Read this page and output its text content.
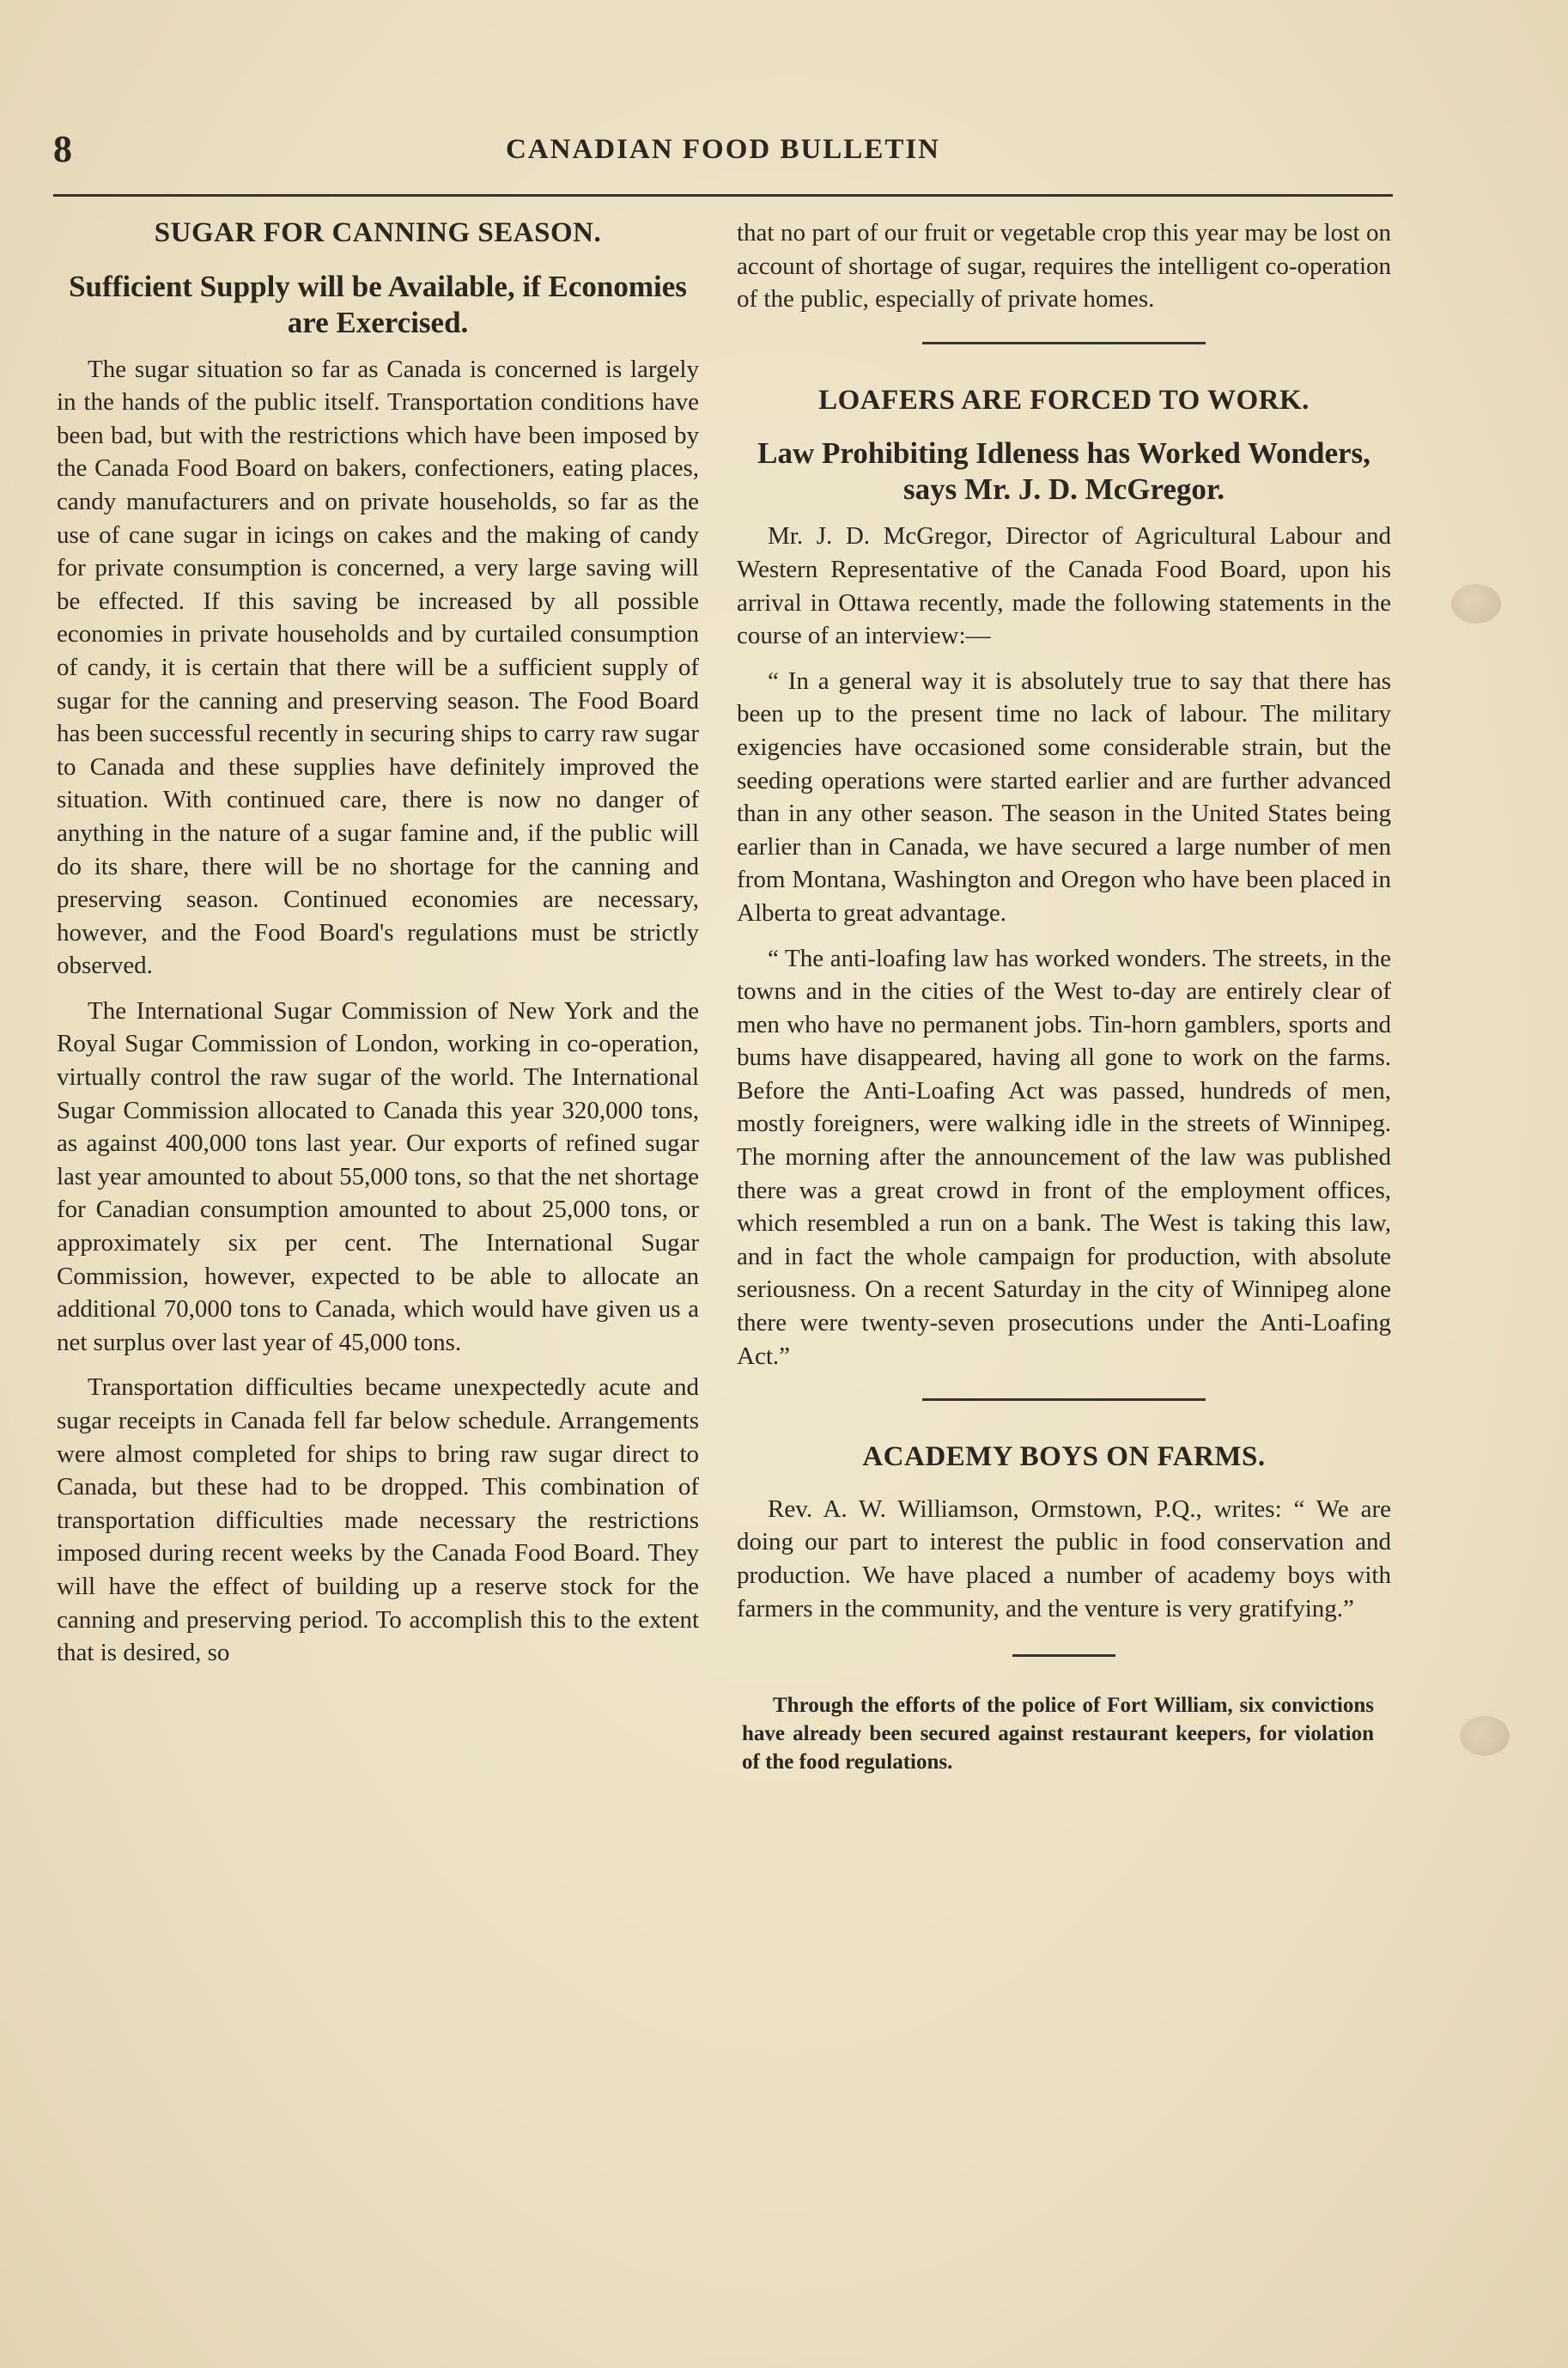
8	CANADIAN FOOD BULLETIN
SUGAR FOR CANNING SEASON.
Sufficient Supply will be Available, if Economies are Exercised.

The sugar situation so far as Canada is concerned is largely in the hands of the public itself. Transportation conditions have been bad, but with the restrictions which have been imposed by the Canada Food Board on bakers, confectioners, eating places, candy manufacturers and on private households, so far as the use of cane sugar in icings on cakes and the making of candy for private consumption is concerned, a very large saving will be effected. If this saving be increased by all possible economies in private households and by curtailed consumption of candy, it is certain that there will be a sufficient supply of sugar for the canning and preserving season. The Food Board has been successful recently in securing ships to carry raw sugar to Canada and these supplies have definitely improved the situation. With continued care, there is now no danger of anything in the nature of a sugar famine and, if the public will do its share, there will be no shortage for the canning and preserving season. Continued economies are necessary, however, and the Food Board's regulations must be strictly observed.

The International Sugar Commission of New York and the Royal Sugar Commission of London, working in co-operation, virtually control the raw sugar of the world. The International Sugar Commission allocated to Canada this year 320,000 tons, as against 400,000 tons last year. Our exports of refined sugar last year amounted to about 55,000 tons, so that the net shortage for Canadian consumption amounted to about 25,000 tons, or approximately six per cent. The International Sugar Commission, however, expected to be able to allocate an additional 70,000 tons to Canada, which would have given us a net surplus over last year of 45,000 tons.

Transportation difficulties became unexpectedly acute and sugar receipts in Canada fell far below schedule. Arrangements were almost completed for ships to bring raw sugar direct to Canada, but these had to be dropped. This combination of transportation difficulties made necessary the restrictions imposed during recent weeks by the Canada Food Board. They will have the effect of building up a reserve stock for the canning and preserving period. To accomplish this to the extent that is desired, so

that no part of our fruit or vegetable crop this year may be lost on account of shortage of sugar, requires the intelligent co-operation of the public, especially of private homes.

LOAFERS ARE FORCED TO WORK.
Law Prohibiting Idleness has Worked Wonders, says Mr. J. D. McGregor.

Mr. J. D. McGregor, Director of Agricultural Labour and Western Representative of the Canada Food Board, upon his arrival in Ottawa recently, made the following statements in the course of an interview:—

“ In a general way it is absolutely true to say that there has been up to the present time no lack of labour. The military exigencies have occasioned some considerable strain, but the seeding operations were started earlier and are further advanced than in any other season. The season in the United States being earlier than in Canada, we have secured a large number of men from Montana, Washington and Oregon who have been placed in Alberta to great advantage.

“ The anti-loafing law has worked wonders. The streets, in the towns and in the cities of the West to-day are entirely clear of men who have no permanent jobs. Tin-horn gamblers, sports and bums have disappeared, having all gone to work on the farms. Before the Anti-Loafing Act was passed, hundreds of men, mostly foreigners, were walking idle in the streets of Winnipeg. The morning after the announcement of the law was published there was a great crowd in front of the employment offices, which resembled a run on a bank. The West is taking this law, and in fact the whole campaign for production, with absolute seriousness. On a recent Saturday in the city of Winnipeg alone there were twenty-seven prosecutions under the Anti-Loafing Act.”

ACADEMY BOYS ON FARMS.

Rev. A. W. Williamson, Ormstown, P.Q., writes: “ We are doing our part to interest the public in food conservation and production. We have placed a number of academy boys with farmers in the community, and the venture is very gratifying.”

Through the efforts of the police of Fort William, six convictions have already been secured against restaurant keepers, for violation of the food regulations.
